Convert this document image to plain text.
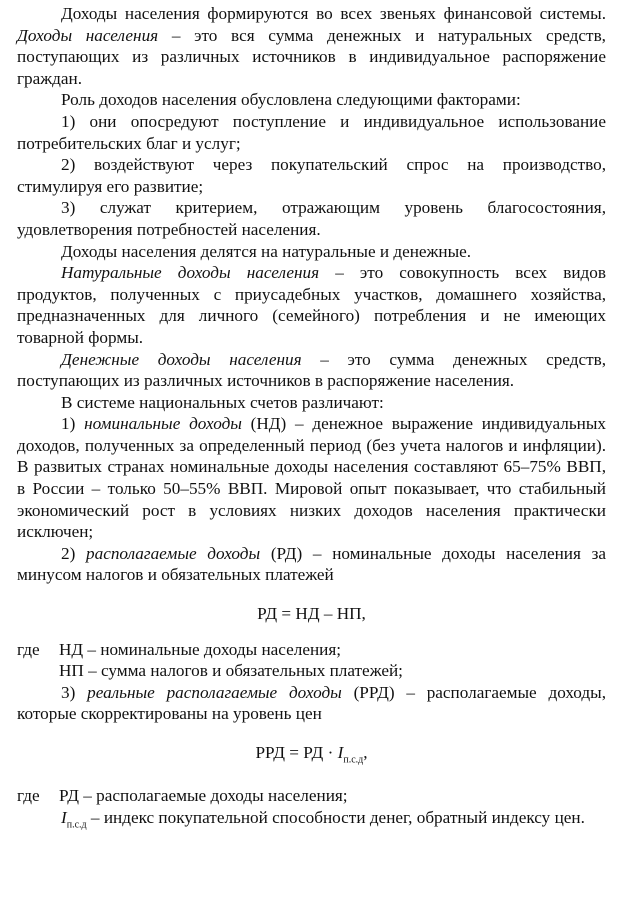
Доходы населения формируются во всех звеньях финансовой системы. Доходы населения – это вся сумма денежных и натуральных средств, поступающих из различных источников в индивидуальное распоряжение граждан.

Роль доходов населения обусловлена следующими факторами:

1) они опосредуют поступление и индивидуальное использование потребительских благ и услуг;

2) воздействуют через покупательский спрос на производство, стимулируя его развитие;

3) служат критерием, отражающим уровень благосостояния, удовлетворения потребностей населения.

Доходы населения делятся на натуральные и денежные.

Натуральные доходы населения – это совокупность всех видов продуктов, полученных с приусадебных участков, домашнего хозяйства, предназначенных для личного (семейного) потребления и не имеющих товарной формы.

Денежные доходы населения – это сумма денежных средств, поступающих из различных источников в распоряжение населения.

В системе национальных счетов различают:

1) номинальные доходы (НД) – денежное выражение индивидуальных доходов, полученных за определенный период (без учета налогов и инфляции). В развитых странах номинальные доходы населения составляют 65–75% ВВП, в России – только 50–55% ВВП. Мировой опыт показывает, что стабильный экономический рост в условиях низких доходов населения практически исключен;

2) располагаемые доходы (РД) – номинальные доходы населения за минусом налогов и обязательных платежей

РД = НД – НП,
где	НД – номинальные доходы населения;

НП – сумма налогов и обязательных платежей;

3) реальные располагаемые доходы (РРД) – располагаемые доходы, которые скорректированы на уровень цен

РРД = РД · $I_{п.с.д}$,
где	РД – располагаемые доходы населения;

$I_{п.с.д}$ – индекс покупательной способности денег, обратный индексу цен.
